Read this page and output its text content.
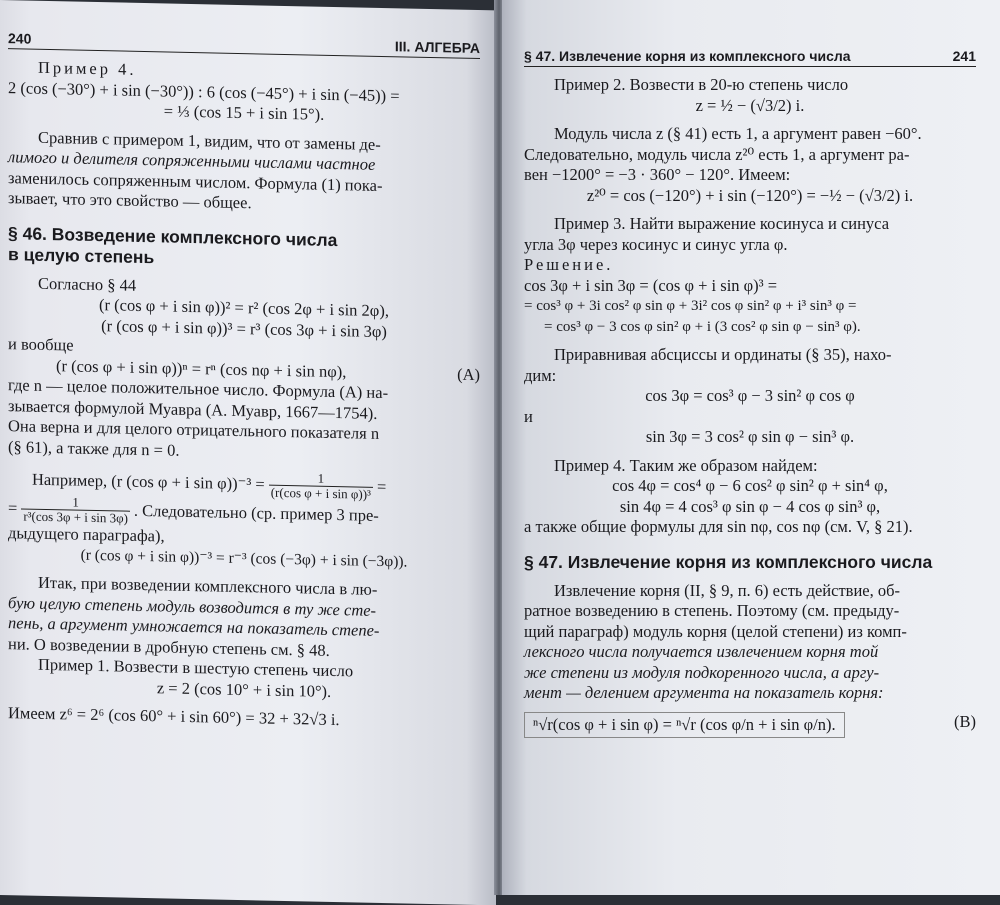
240	III. АЛГЕБРА

Пример 4.

2 (cos (−30°) + i sin (−30°)) : 6 (cos (−45°) + i sin (−45)) =

= ⅓ (cos 15 + i sin 15°).

Сравнив с примером 1, видим, что от замены де-

лимого и делителя сопряженными числами частное

заменилось сопряженным числом. Формула (1) пока-

зывает, что это свойство — общее.

§ 46. Возведение комплексного числа

в целую степень

Согласно § 44

(r (cos φ + i sin φ))² = r² (cos 2φ + i sin 2φ),

(r (cos φ + i sin φ))³ = r³ (cos 3φ + i sin 3φ)

и вообще

(r (cos φ + i sin φ))ⁿ = rⁿ (cos nφ + i sin nφ),	(A)

где n — целое положительное число. Формула (A) на-

зывается формулой Муавра (А. Муавр, 1667—1754).

Она верна и для целого отрицательного показателя n

(§ 61), а также для n = 0.

Например, (r (cos φ + i $\sin \varphi))^{-3} = \frac{1}{\text{(r(cos φ + i sin φ))³}}$ =
= $\frac{1}{\text{r³(cos 3φ + i sin 3φ)}}$ . Следовательно (ср. пример 3 пре-

дыдущего параграфа),

(r (cos φ + i sin φ))⁻³ = r⁻³ (cos (−3φ) + i sin (−3φ)).

Итак, при возведении комплексного числа в лю-

бую целую степень модуль возводится в ту же сте-

пень, а аргумент умножается на показатель степе-

ни. О возведении в дробную степень см. § 48.

Пример 1. Возвести в шестую степень число

z = 2 (cos 10° + i sin 10°).

Имеем z⁶ = 2⁶ (cos 60° + i sin 60°) = 32 + 32√3 i.

§ 47. Извлечение корня из комплексного числа	241

Пример 2. Возвести в 20-ю степень число

z = ½ − (√3/2) i.

Модуль числа z (§ 41) есть 1, а аргумент равен −60°.

Следовательно, модуль числа z²⁰ есть 1, а аргумент ра-

вен −1200° = −3 · 360° − 120°. Имеем:

z²⁰ = cos (−120°) + i sin (−120°) = −½ − (√3/2) i.

Пример 3. Найти выражение косинуса и синуса

угла 3φ через косинус и синус угла φ.

Решение.

cos 3φ + i sin 3φ = (cos φ + i sin φ)³ =

= cos³ φ + 3i cos² φ sin φ + 3i² cos φ sin² φ + i³ sin³ φ =

= cos³ φ − 3 cos φ sin² φ + i (3 cos² φ sin φ − sin³ φ).

Приравнивая абсциссы и ординаты (§ 35), нахо-

дим:

cos 3φ = cos³ φ − 3 sin² φ cos φ

и

sin 3φ = 3 cos² φ sin φ − sin³ φ.

Пример 4. Таким же образом найдем:

cos 4φ = cos⁴ φ − 6 cos² φ sin² φ + sin⁴ φ,

sin 4φ = 4 cos³ φ sin φ − 4 cos φ sin³ φ,

а также общие формулы для sin nφ, cos nφ (см. V, § 21).

§ 47. Извлечение корня из комплексного числа

Извлечение корня (II, § 9, п. 6) есть действие, об-

ратное возведению в степень. Поэтому (см. предыду-

щий параграф) модуль корня (целой степени) из комп-

лексного числа получается извлечением корня той

же степени из модуля подкоренного числа, а аргу-

мент — делением аргумента на показатель корня:

ⁿ√r(cos φ + i sin φ) = ⁿ√r (cos φ/n + i sin φ/n).	(B)
